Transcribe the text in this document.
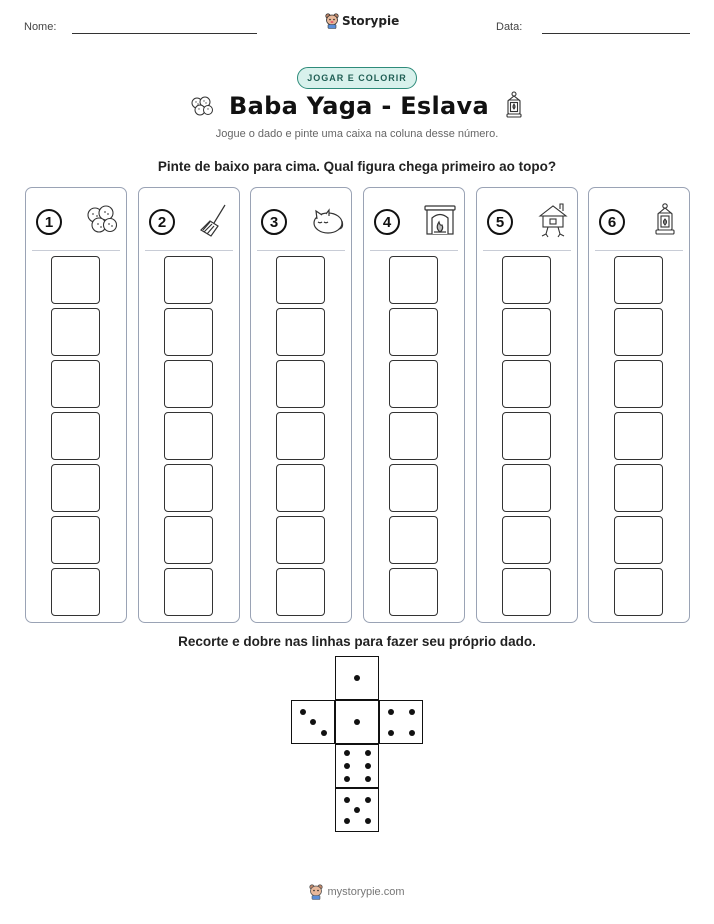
Nome:	Storypie	Data:
JOGAR E COLORIR
Baba Yaga - Eslava
Jogue o dado e pinte uma caixa na coluna desse número.
Pinte de baixo para cima. Qual figura chega primeiro ao topo?
1	2	3	4	5	6
Recorte e dobre nas linhas para fazer seu próprio dado.
mystorypie.com
